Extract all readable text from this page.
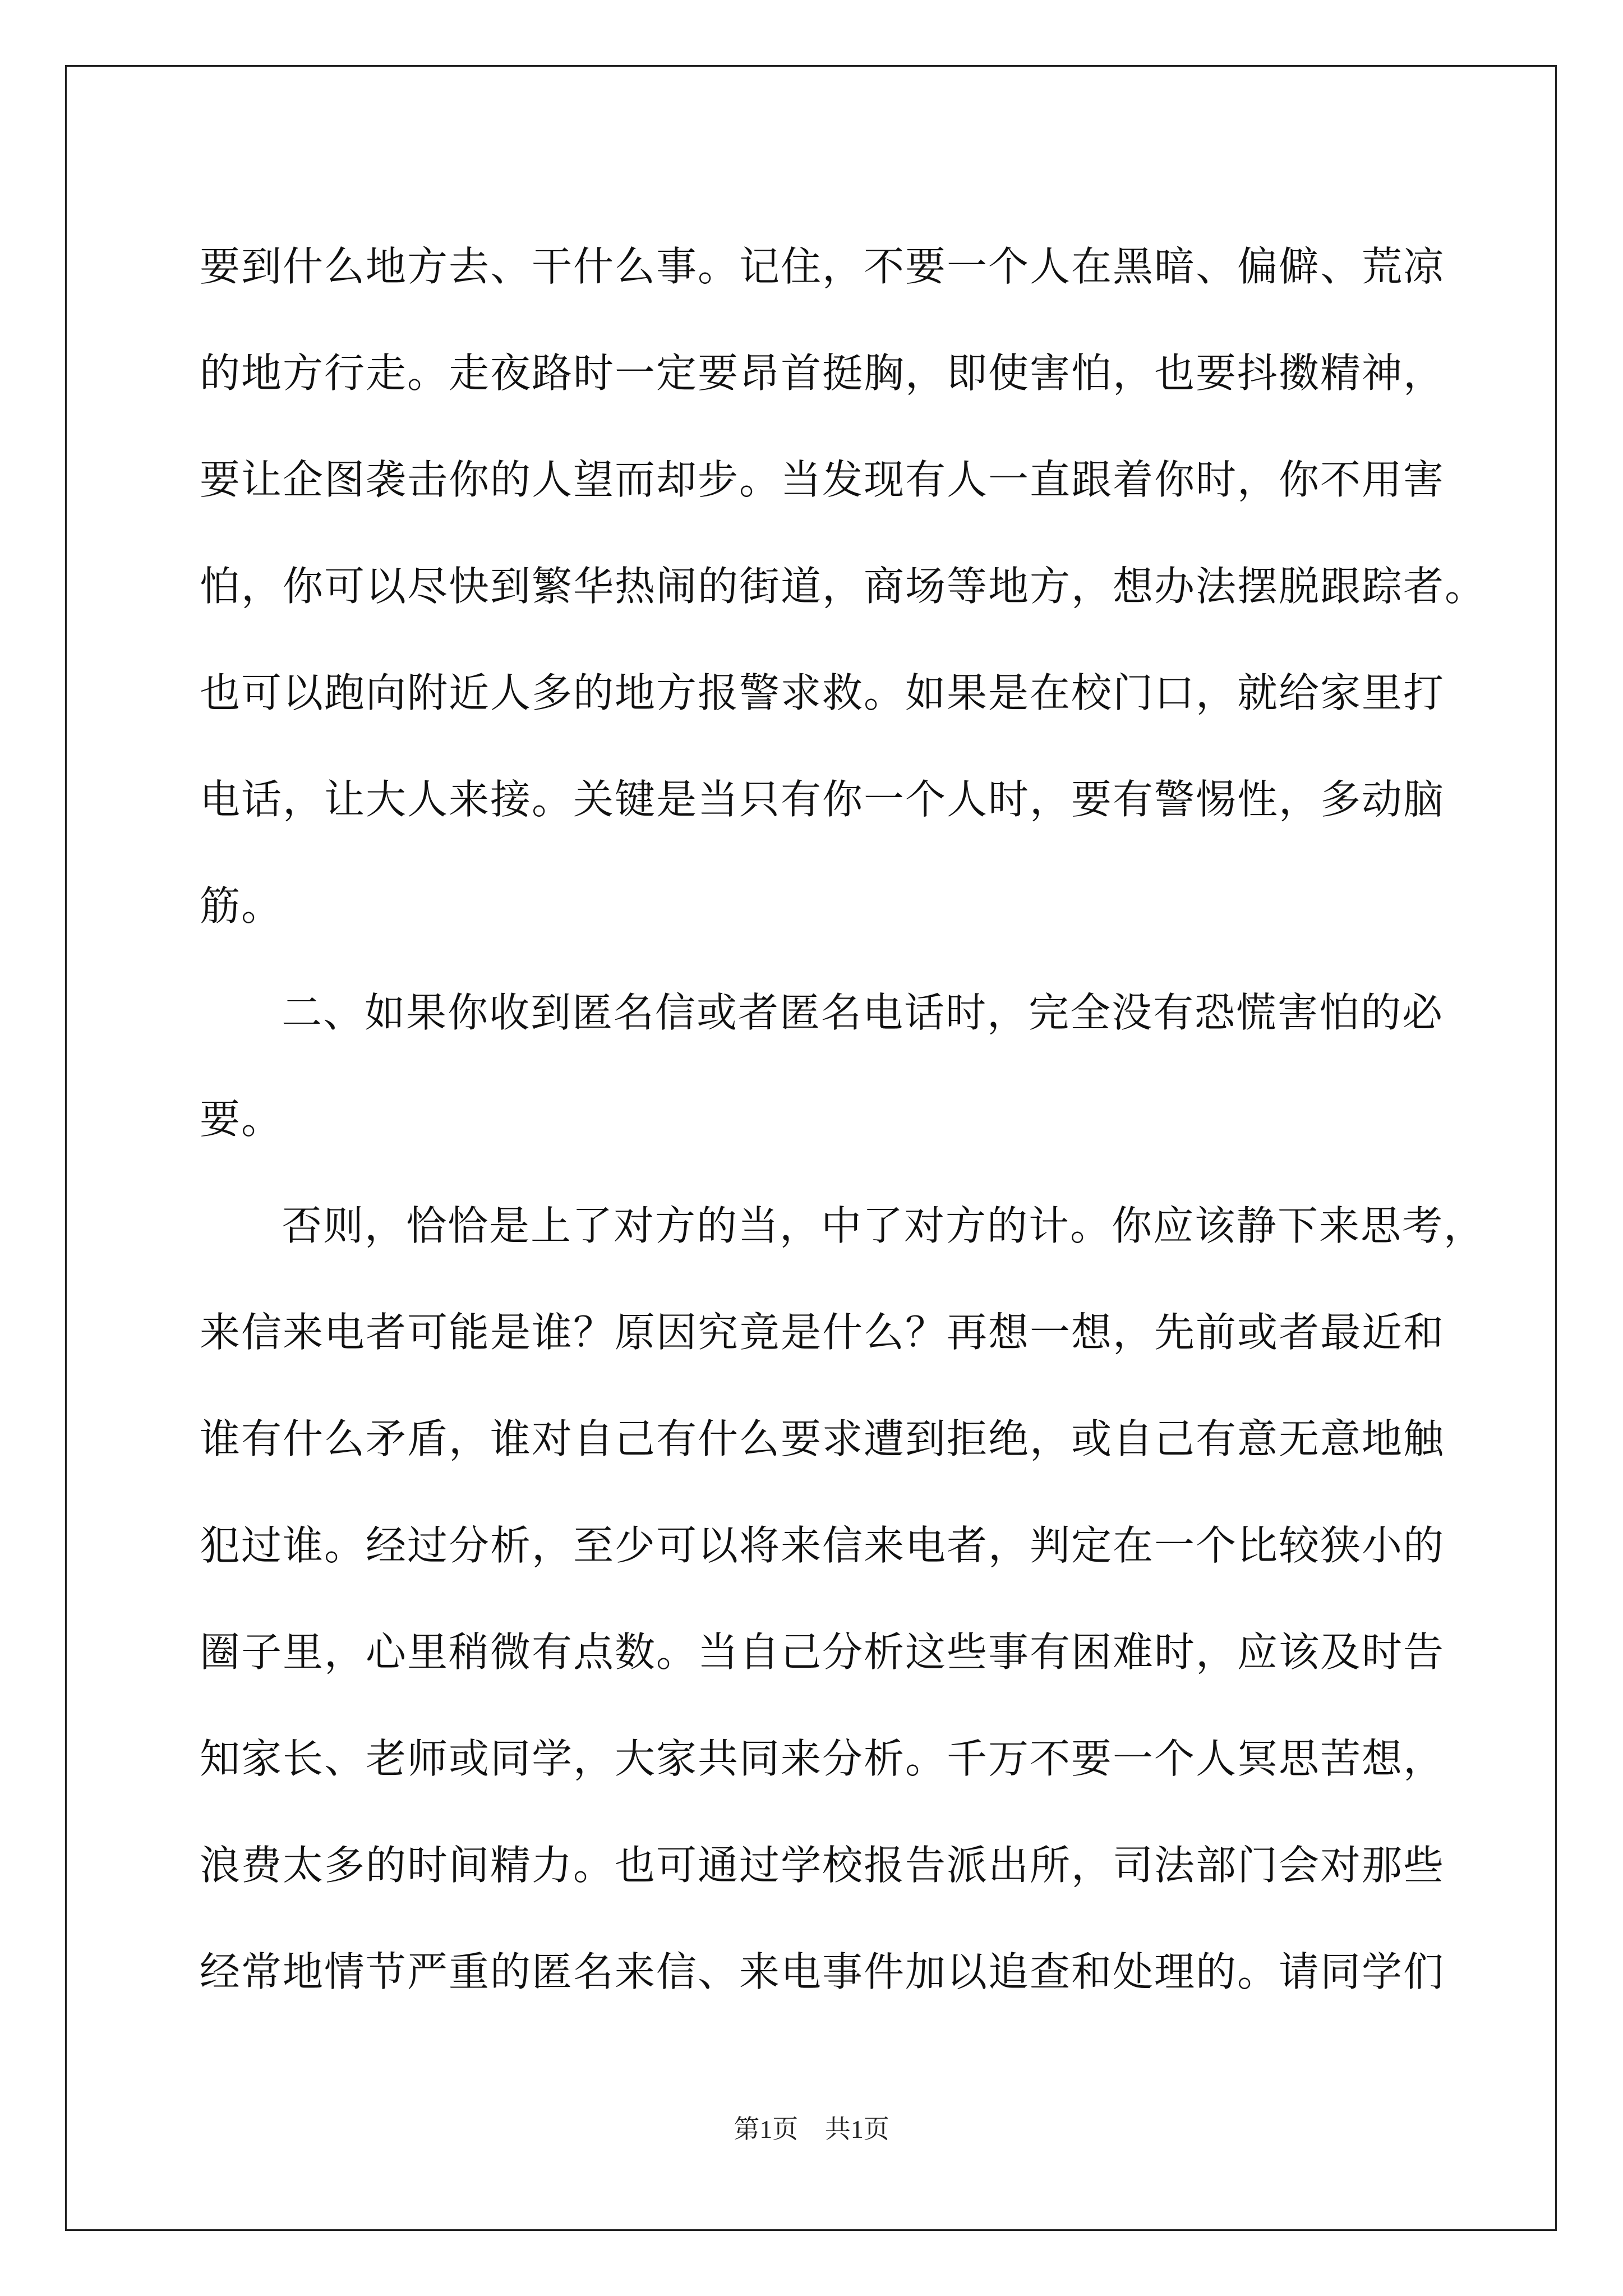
要到什么地方去、干什么事。记住，不要一个人在黑暗、偏僻、荒凉
的地方行走。走夜路时一定要昂首挺胸，即使害怕，也要抖擞精神，
要让企图袭击你的人望而却步。当发现有人一直跟着你时，你不用害
怕，你可以尽快到繁华热闹的街道，商场等地方，想办法摆脱跟踪者。
也可以跑向附近人多的地方报警求救。如果是在校门口，就给家里打
电话，让大人来接。关键是当只有你一个人时，要有警惕性，多动脑
筋。
二、如果你收到匿名信或者匿名电话时，完全没有恐慌害怕的必
要。
否则，恰恰是上了对方的当，中了对方的计。你应该静下来思考，
来信来电者可能是谁？原因究竟是什么？再想一想，先前或者最近和
谁有什么矛盾，谁对自己有什么要求遭到拒绝，或自己有意无意地触
犯过谁。经过分析，至少可以将来信来电者，判定在一个比较狭小的
圈子里，心里稍微有点数。当自己分析这些事有困难时，应该及时告
知家长、老师或同学，大家共同来分析。千万不要一个人冥思苦想，
浪费太多的时间精力。也可通过学校报告派出所，司法部门会对那些
经常地情节严重的匿名来信、来电事件加以追查和处理的。请同学们
第1页 共1页
